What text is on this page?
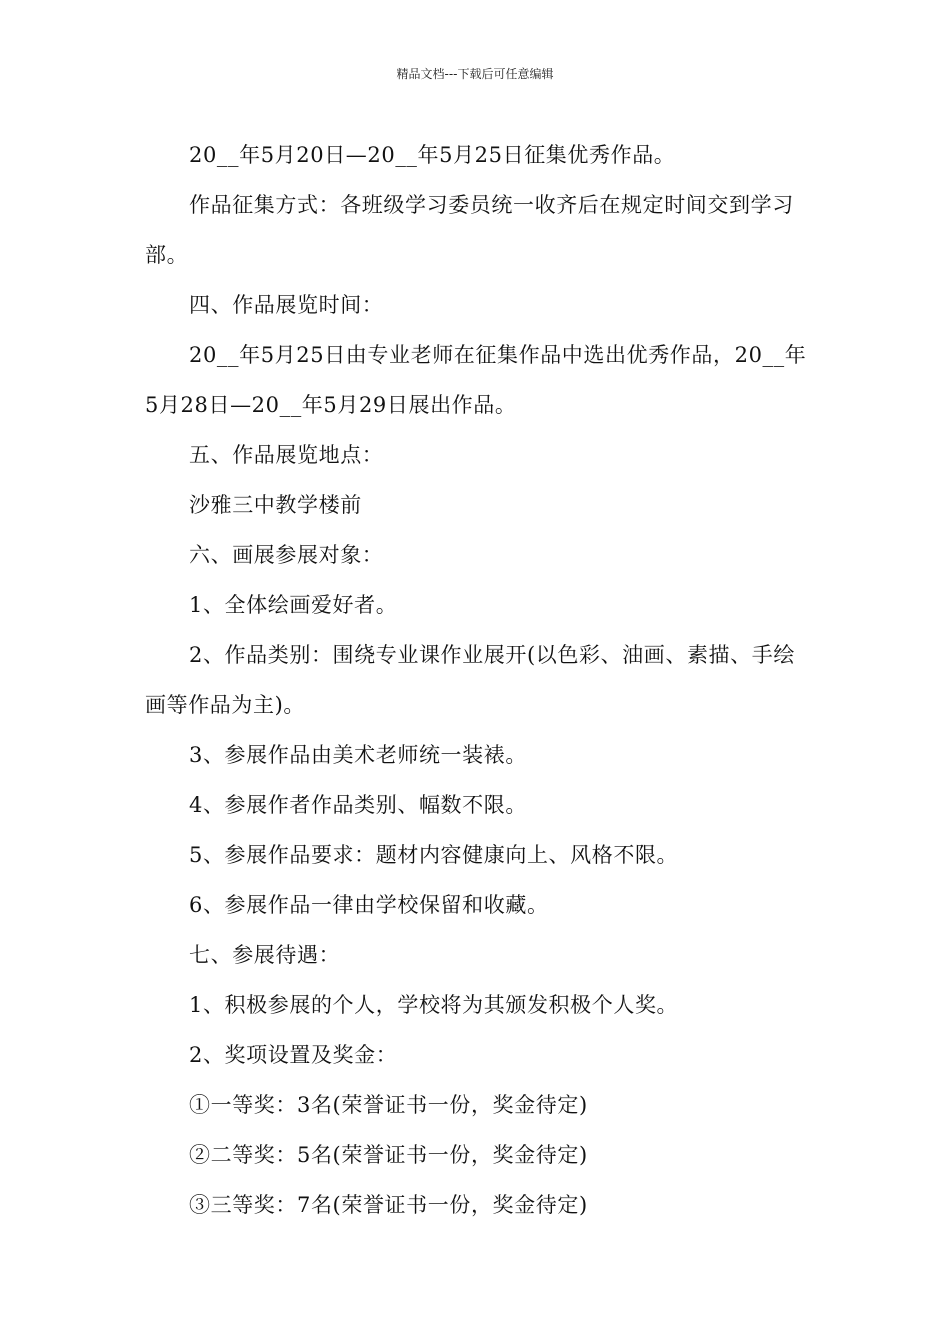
精品文档---下载后可任意编辑

20__年5月20日—20__年5月25日征集优秀作品。

作品征集方式：各班级学习委员统一收齐后在规定时间交到学习部。

四、作品展览时间：

20__年5月25日由专业老师在征集作品中选出优秀作品，20__年5月28日—20__年5月29日展出作品。

五、作品展览地点：

沙雅三中教学楼前

六、画展参展对象：

1、全体绘画爱好者。

2、作品类别：围绕专业课作业展开(以色彩、油画、素描、手绘画等作品为主)。

3、参展作品由美术老师统一装裱。

4、参展作者作品类别、幅数不限。

5、参展作品要求：题材内容健康向上、风格不限。

6、参展作品一律由学校保留和收藏。

七、参展待遇：

1、积极参展的个人，学校将为其颁发积极个人奖。

2、奖项设置及奖金：

①一等奖：3名(荣誉证书一份，奖金待定)

②二等奖：5名(荣誉证书一份，奖金待定)

③三等奖：7名(荣誉证书一份，奖金待定)
